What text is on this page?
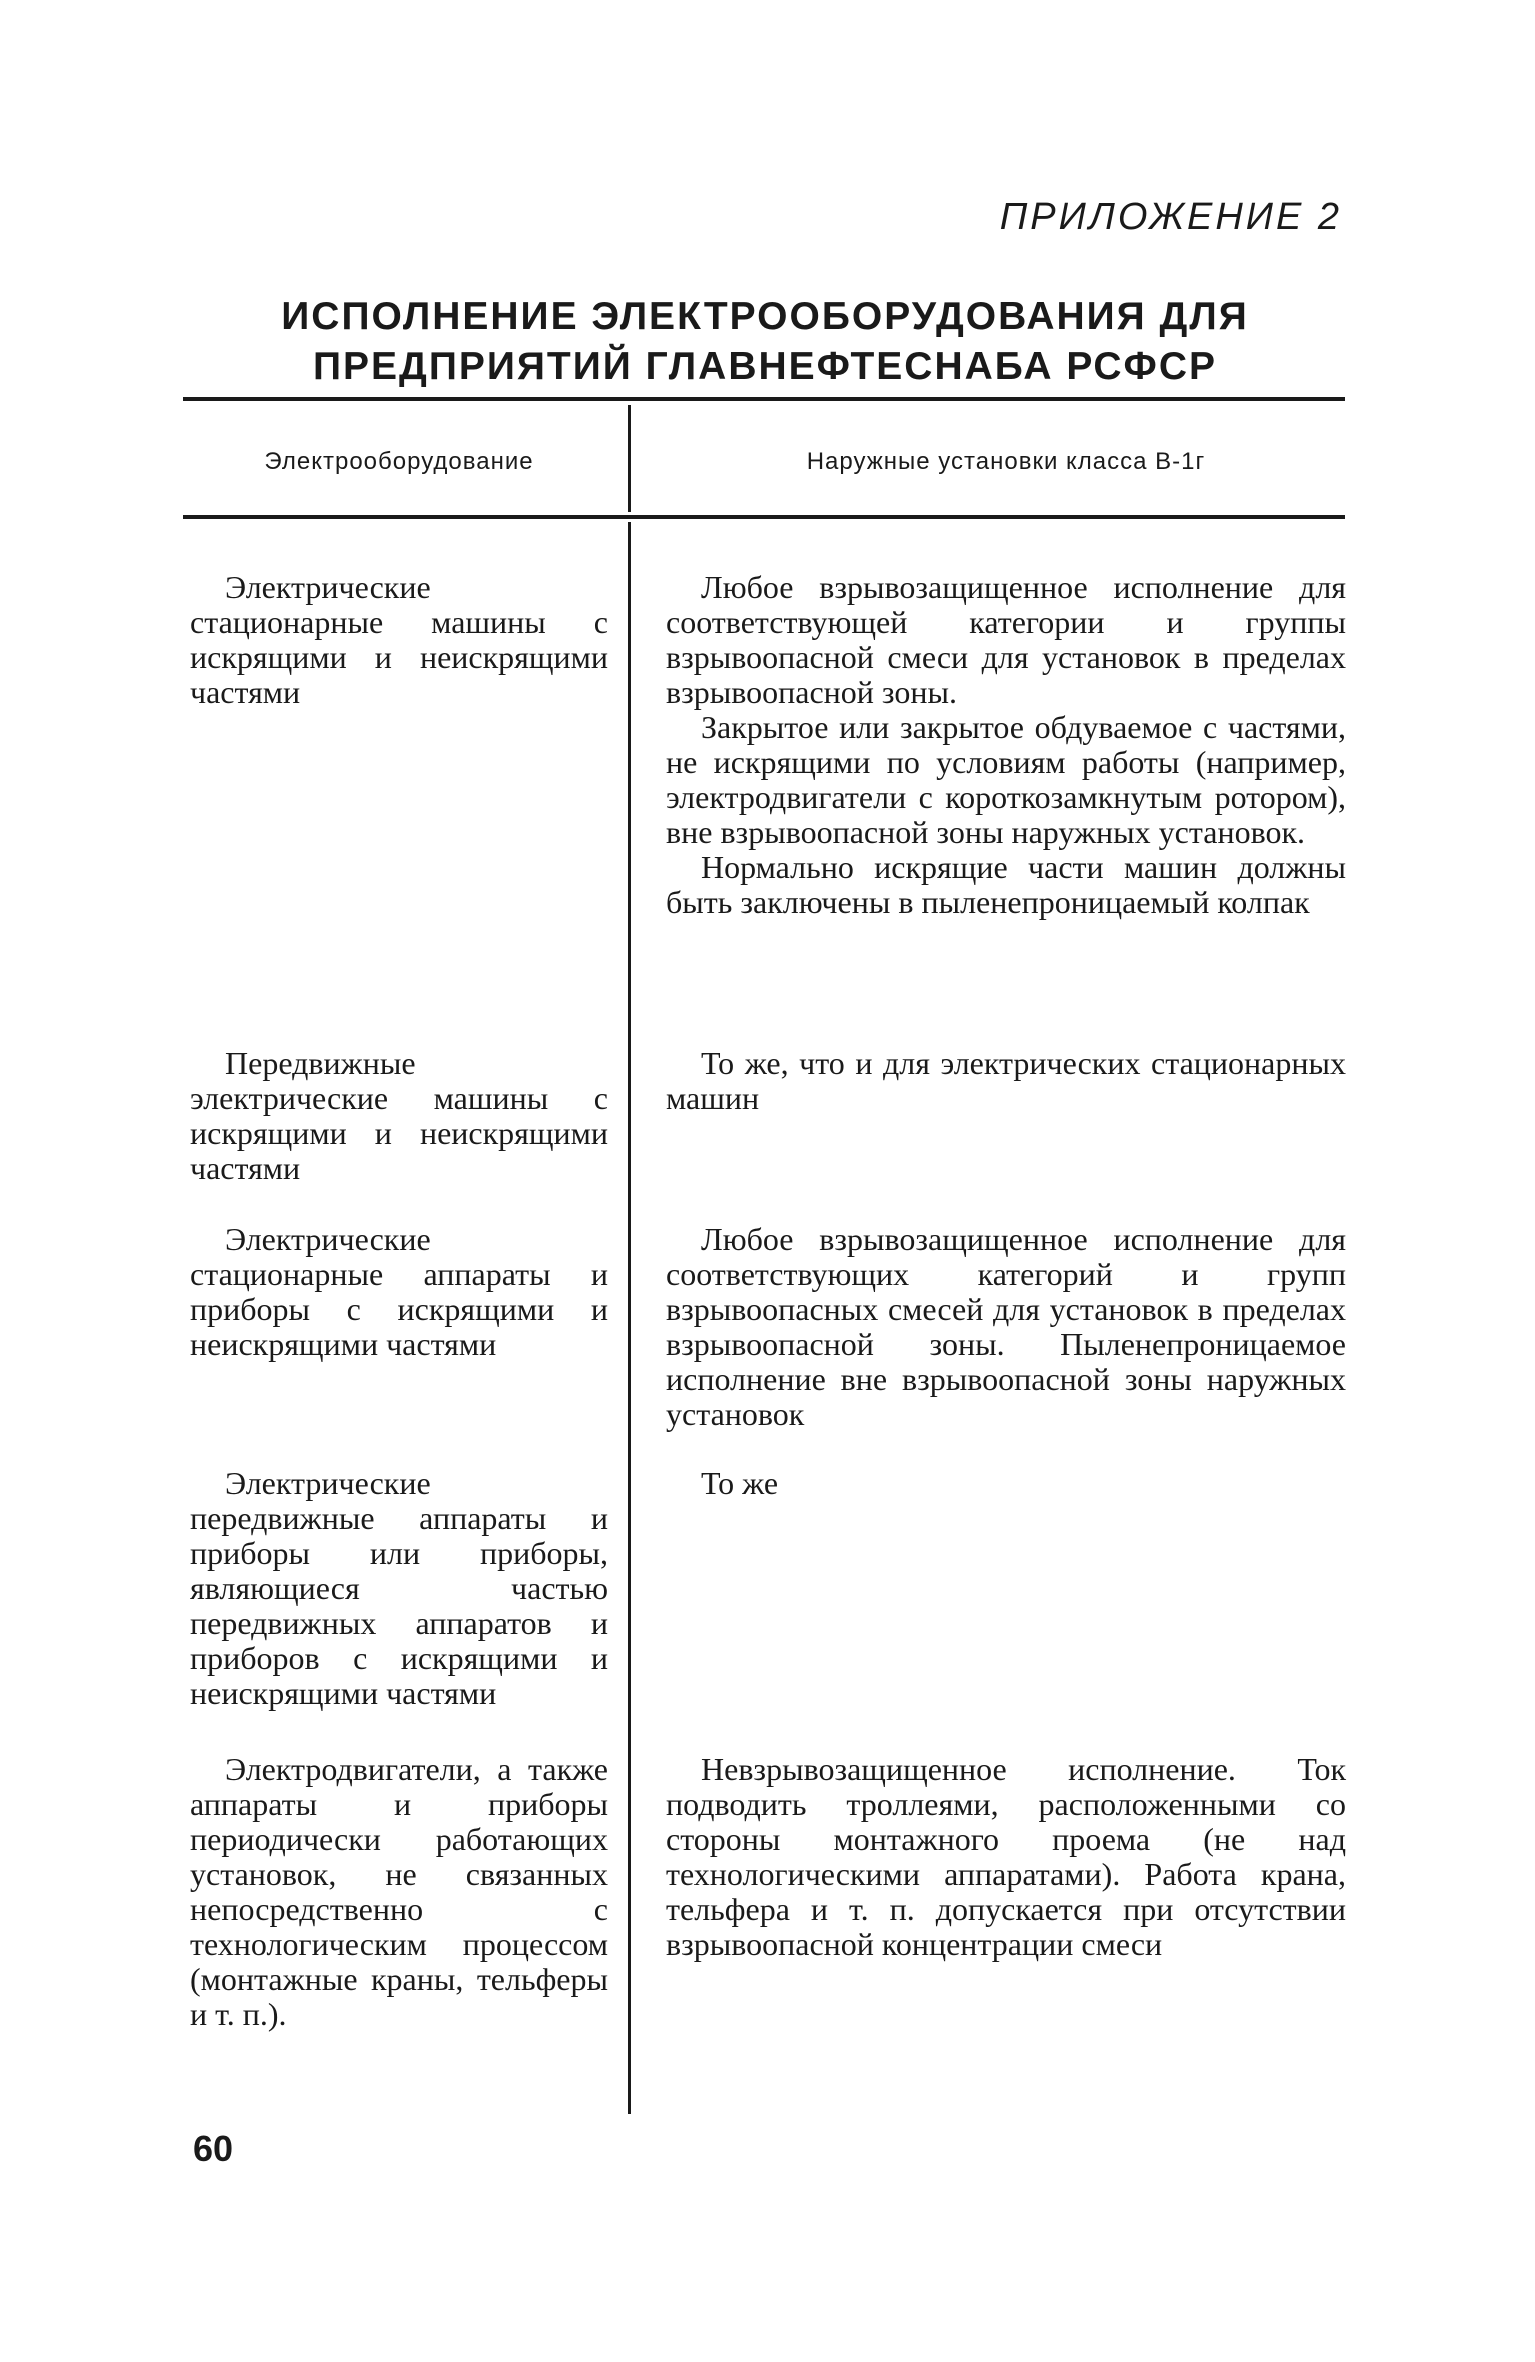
ПРИЛОЖЕНИЕ 2
ИСПОЛНЕНИЕ ЭЛЕКТРООБОРУДОВАНИЯ ДЛЯ
ПРЕДПРИЯТИЙ ГЛАВНЕФТЕСНАБА РСФСР
Электрооборудование	Наружные установки класса В-1г

Электрические стационарные машины с искрящими и неискрящими частями

Любое взрывозащищенное исполнение для соответствующей категории и группы взрывоопасной смеси для установок в пределах взрывоопасной зоны.

Закрытое или закрытое обдуваемое с частями, не искрящими по условиям работы (например, электродвигатели с короткозамкнутым ротором), вне взрывоопасной зоны наружных установок.

Нормально искрящие части машин должны быть заключены в пыленепроницаемый колпак

Передвижные электрические машины с искрящими и неискрящими частями

То же, что и для электрических стационарных машин

Электрические стационарные аппараты и приборы с искрящими и неискрящими частями

Любое взрывозащищенное исполнение для соответствующих категорий и групп взрывоопасных смесей для установок в пределах взрывоопасной зоны. Пыленепроницаемое исполнение вне взрывоопасной зоны наружных установок

Электрические передвижные аппараты и приборы или приборы, являющиеся частью передвижных аппаратов и приборов с искрящими и неискрящими частями

То же

Электродвигатели, а также аппараты и приборы периодически работающих установок, не связанных непосредственно с технологическим процессом (монтажные краны, тельферы и т. п.).

Невзрывозащищенное исполнение. Ток подводить троллеями, расположенными со стороны монтажного проема (не над технологическими аппаратами). Работа крана, тельфера и т. п. допускается при отсутствии взрывоопасной концентрации смеси

60
